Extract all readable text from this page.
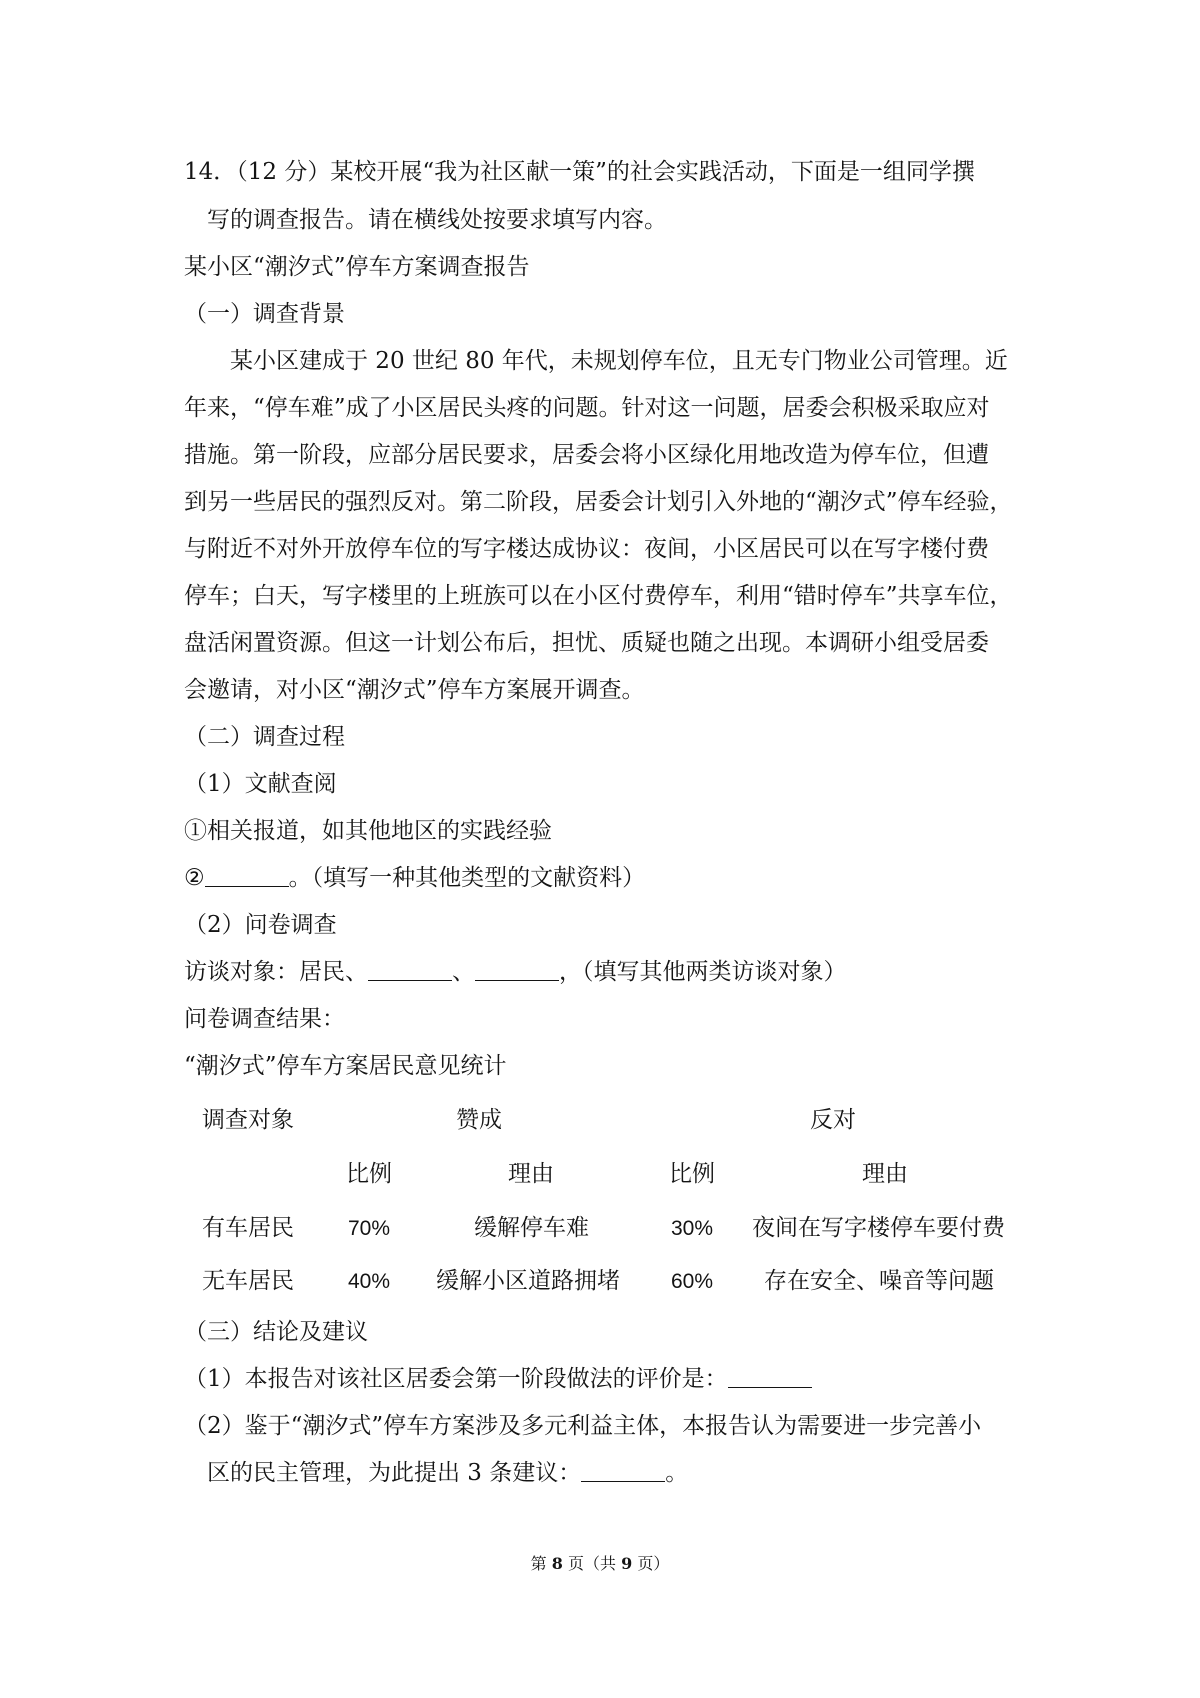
14．（12 分）某校开展“我为社区献一策”的社会实践活动，下面是一组同学撰
写的调查报告。请在横线处按要求填写内容。
某小区“潮汐式”停车方案调查报告
（一）调查背景
某小区建成于 20 世纪 80 年代，未规划停车位，且无专门物业公司管理。近
年来，“停车难”成了小区居民头疼的问题。针对这一问题，居委会积极采取应对
措施。第一阶段，应部分居民要求，居委会将小区绿化用地改造为停车位，但遭
到另一些居民的强烈反对。第二阶段，居委会计划引入外地的“潮汐式”停车经验，
与附近不对外开放停车位的写字楼达成协议：夜间，小区居民可以在写字楼付费
停车；白天，写字楼里的上班族可以在小区付费停车，利用“错时停车”共享车位，
盘活闲置资源。但这一计划公布后，担忧、质疑也随之出现。本调研小组受居委
会邀请，对小区“潮汐式”停车方案展开调查。
（二）调查过程
（1）文献查阅
①相关报道，如其他地区的实践经验
②	。（填写一种其他类型的文献资料）
（2）问卷调查
访谈对象：居民、	、	，（填写其他两类访谈对象）
问卷调查结果：
“潮汐式”停车方案居民意见统计
调查对象	赞成	反对
比例	理由	比例	理由
有车居民	70%	缓解停车难	30% 夜间在写字楼停车要付费
无车居民	40% 缓解小区道路拥堵 60% 存在安全、噪音等问题
（三）结论及建议
（1）本报告对该社区居委会第一阶段做法的评价是：
（2）鉴于“潮汐式”停车方案涉及多元利益主体，本报告认为需要进一步完善小
区的民主管理，为此提出 3 条建议：	。
第 8 页（共 9 页）
